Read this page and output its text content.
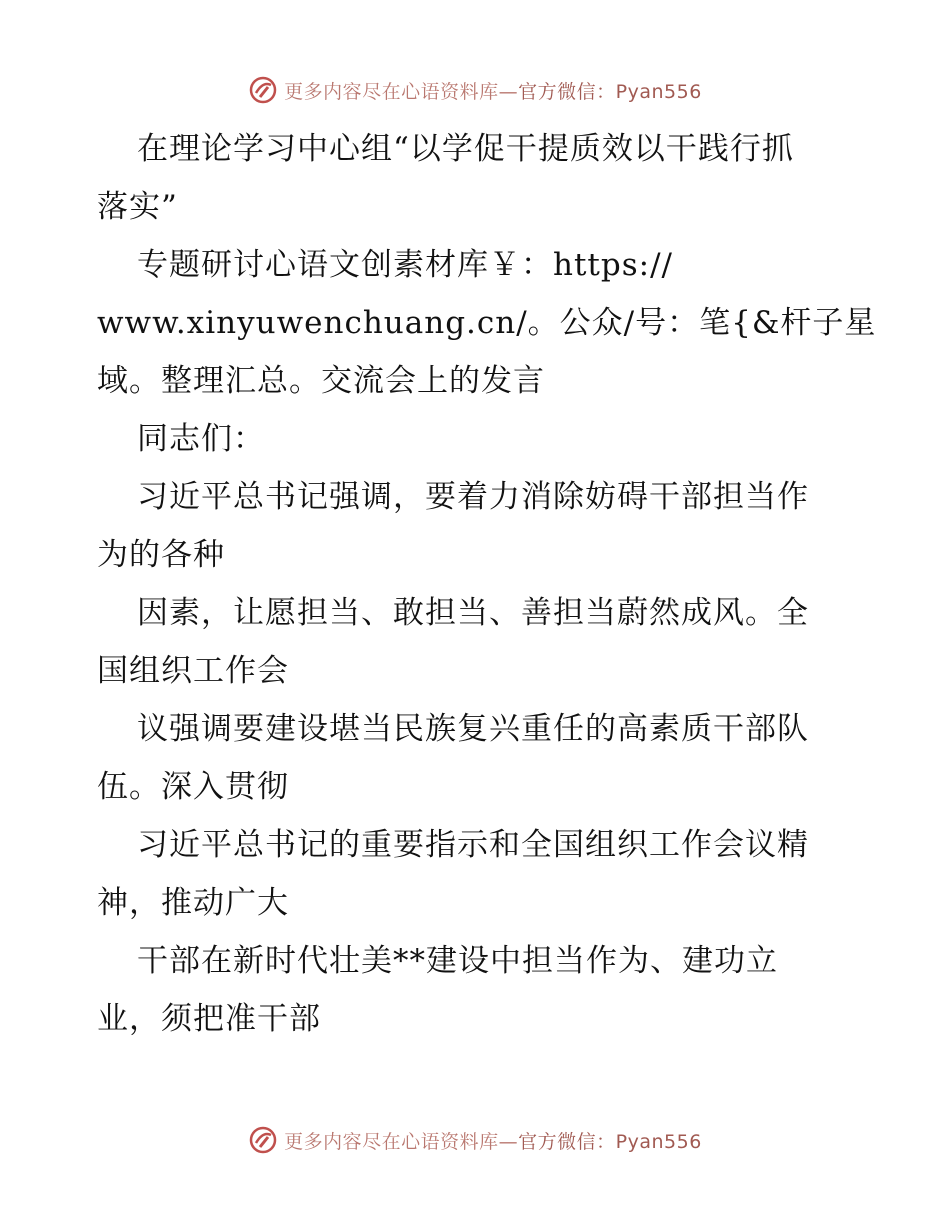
更多内容尽在心语资料库—官方微信：Pyan556
在理论学习中心组“以学促干提质效以干践行抓
落实”
专题研讨心语文创素材库￥：https://
www.xinyuwenchuang.cn/。公众/号：笔{&杆子星
域。整理汇总。交流会上的发言
同志们：
习近平总书记强调，要着力消除妨碍干部担当作
为的各种
因素，让愿担当、敢担当、善担当蔚然成风。全
国组织工作会
议强调要建设堪当民族复兴重任的高素质干部队
伍。深入贯彻
习近平总书记的重要指示和全国组织工作会议精
神，推动广大
干部在新时代壮美**建设中担当作为、建功立
业，须把准干部
更多内容尽在心语资料库—官方微信：Pyan556
